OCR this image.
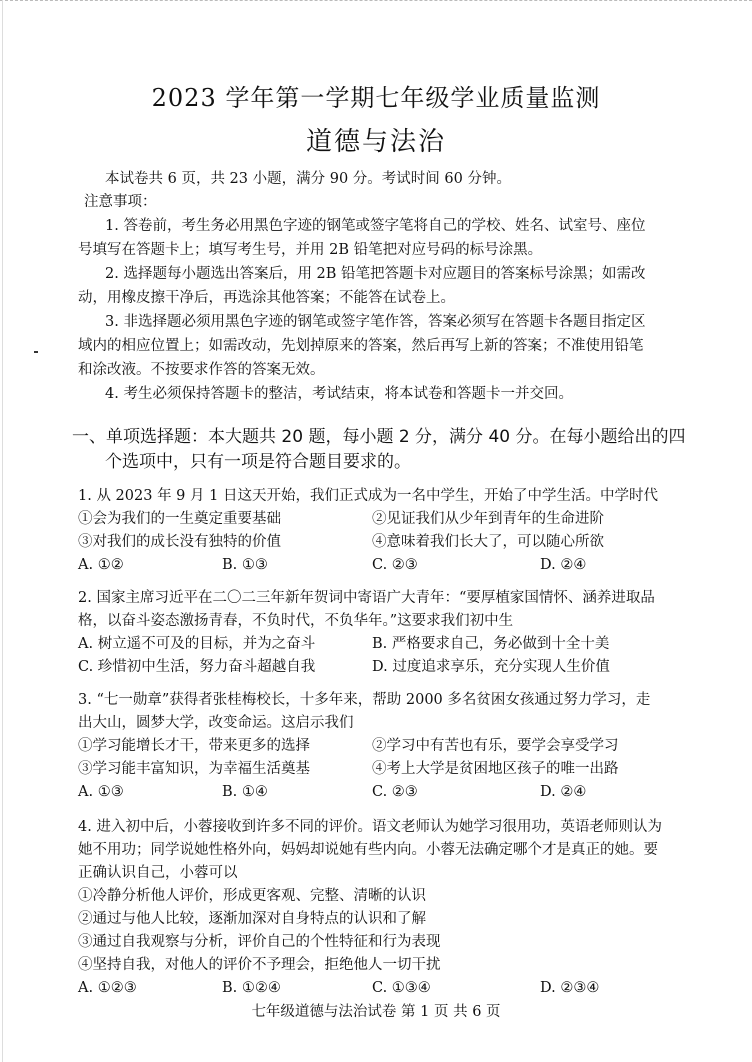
2023 学年第一学期七年级学业质量监测
道德与法治
本试卷共 6 页，共 23 小题，满分 90 分。考试时间 60 分钟。
注意事项：
1. 答卷前，考生务必用黑色字迹的钢笔或签字笔将自己的学校、姓名、试室号、座位
号填写在答题卡上；填写考生号，并用 2B 铅笔把对应号码的标号涂黑。
2. 选择题每小题选出答案后，用 2B 铅笔把答题卡对应题目的答案标号涂黑；如需改
动，用橡皮擦干净后，再选涂其他答案；不能答在试卷上。
3. 非选择题必须用黑色字迹的钢笔或签字笔作答，答案必须写在答题卡各题目指定区
域内的相应位置上；如需改动，先划掉原来的答案，然后再写上新的答案；不准使用铅笔
和涂改液。不按要求作答的答案无效。
4. 考生必须保持答题卡的整洁，考试结束，将本试卷和答题卡一并交回。
一、单项选择题：本大题共 20 题，每小题 2 分，满分 40 分。在每小题给出的四
个选项中，只有一项是符合题目要求的。
1. 从 2023 年 9 月 1 日这天开始，我们正式成为一名中学生，开始了中学生活。中学时代
①会为我们的一生奠定重要基础	②见证我们从少年到青年的生命进阶
③对我们的成长没有独特的价值	④意味着我们长大了，可以随心所欲
A. ①②	B. ①③	C. ②③	D. ②④
2. 国家主席习近平在二〇二三年新年贺词中寄语广大青年：“要厚植家国情怀、涵养进取品
格，以奋斗姿态激扬青春，不负时代，不负华年。”这要求我们初中生
A. 树立遥不可及的目标，并为之奋斗	B. 严格要求自己，务必做到十全十美
C. 珍惜初中生活，努力奋斗超越自我	D. 过度追求享乐，充分实现人生价值
3. “七一勋章”获得者张桂梅校长，十多年来，帮助 2000 多名贫困女孩通过努力学习，走
出大山，圆梦大学，改变命运。这启示我们
①学习能增长才干，带来更多的选择	②学习中有苦也有乐，要学会享受学习
③学习能丰富知识，为幸福生活奠基	④考上大学是贫困地区孩子的唯一出路
A. ①③	B. ①④	C. ②③	D. ②④
4. 进入初中后，小蓉接收到许多不同的评价。语文老师认为她学习很用功，英语老师则认为
她不用功；同学说她性格外向，妈妈却说她有些内向。小蓉无法确定哪个才是真正的她。要
正确认识自己，小蓉可以
①冷静分析他人评价，形成更客观、完整、清晰的认识
②通过与他人比较，逐渐加深对自身特点的认识和了解
③通过自我观察与分析，评价自己的个性特征和行为表现
④坚持自我，对他人的评价不予理会，拒绝他人一切干扰
A. ①②③	B. ①②④	C. ①③④	D. ②③④
七年级道德与法治试卷 第 1 页 共 6 页
